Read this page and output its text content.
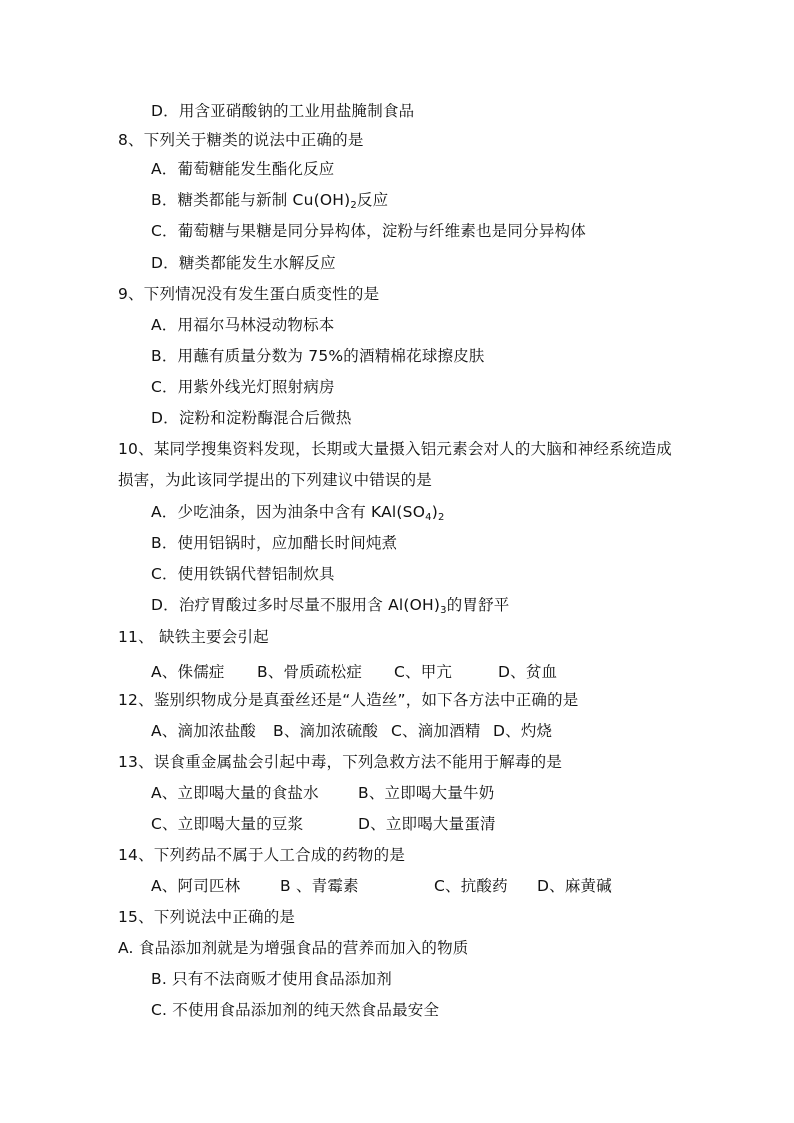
D．用含亚硝酸钠的工业用盐腌制食品
8、下列关于糖类的说法中正确的是
A．葡萄糖能发生酯化反应
B．糖类都能与新制 $Cu(OH)_2$反应
C．葡萄糖与果糖是同分异构体，淀粉与纤维素也是同分异构体
D．糖类都能发生水解反应
9、下列情况没有发生蛋白质变性的是
A．用福尔马林浸动物标本
B．用蘸有质量分数为 75%的酒精棉花球擦皮肤
C．用紫外线光灯照射病房
D．淀粉和淀粉酶混合后微热
10、某同学搜集资料发现，长期或大量摄入铝元素会对人的大脑和神经系统造成
损害，为此该同学提出的下列建议中错误的是
A．少吃油条，因为油条中含有 $KAl(SO_4)_2$
B．使用铝锅时，应加醋长时间炖煮
C．使用铁锅代替铝制炊具
D．治疗胃酸过多时尽量不服用含 $Al(OH)_3$的胃舒平
11、 缺铁主要会引起
A、侏儒症 B、骨质疏松症 C、甲亢	D、贫血
12、鉴别织物成分是真蚕丝还是“人造丝”，如下各方法中正确的是
A、滴加浓盐酸 B、滴加浓硫酸 C、滴加酒精 D、灼烧
13、误食重金属盐会引起中毒，下列急救方法不能用于解毒的是
A、立即喝大量的食盐水	B、立即喝大量牛奶
C、立即喝大量的豆浆	D、立即喝大量蛋清
14、下列药品不属于人工合成的药物的是
A、阿司匹林	B 、青霉素	C、抗酸药 D、麻黄碱
15、下列说法中正确的是
A. 食品添加剂就是为增强食品的营养而加入的物质
B. 只有不法商贩才使用食品添加剂
C. 不使用食品添加剂的纯天然食品最安全
